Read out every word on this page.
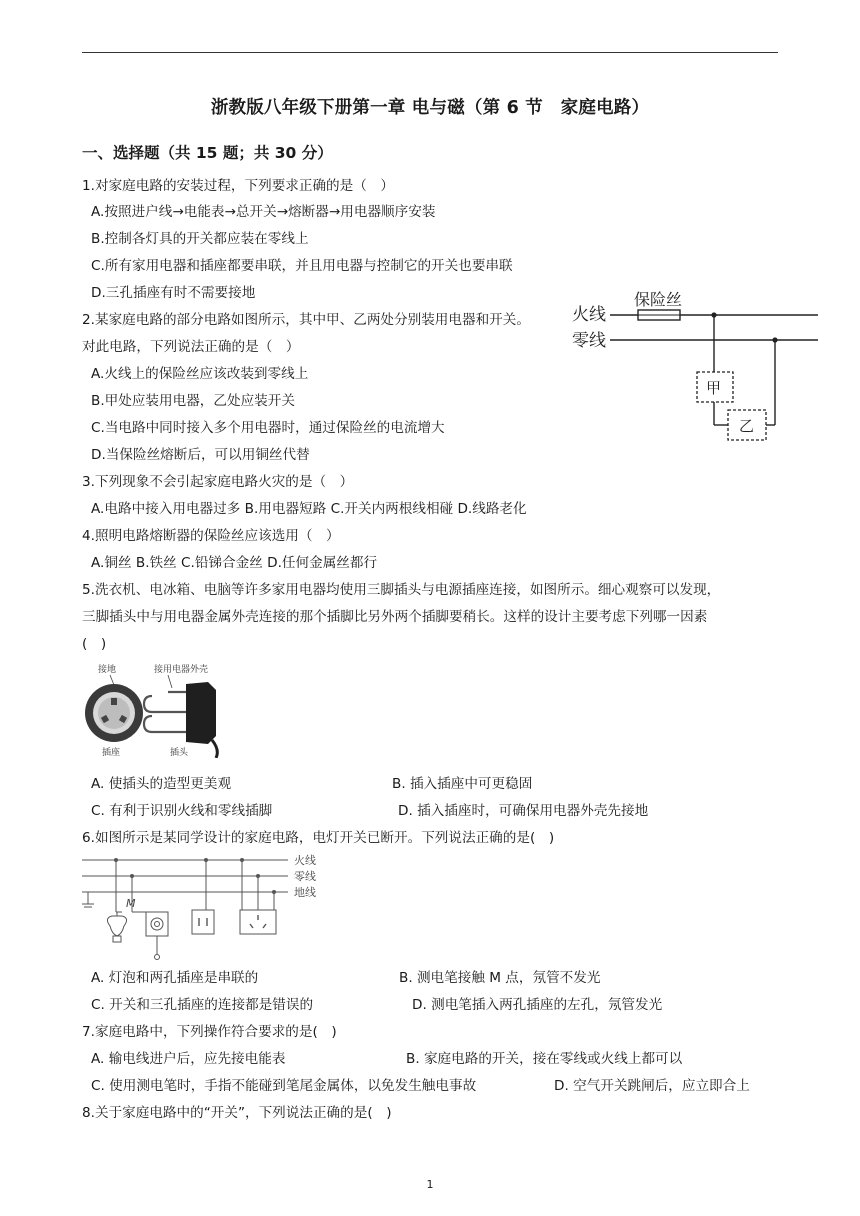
浙教版八年级下册第一章 电与磁（第 6 节　家庭电路）
一、选择题（共 15 题；共 30 分）
1.对家庭电路的安装过程，下列要求正确的是（　）
A.按照进户线→电能表→总开关→熔断器→用电器顺序安装
B.控制各灯具的开关都应装在零线上
C.所有家用电器和插座都要串联，并且用电器与控制它的开关也要串联
D.三孔插座有时不需要接地
2.某家庭电路的部分电路如图所示，其中甲、乙两处分别装用电器和开关。
对此电路，下列说法正确的是（　）
A.火线上的保险丝应该改装到零线上
B.甲处应装用电器，乙处应装开关
C.当电路中同时接入多个用电器时，通过保险丝的电流增大
D.当保险丝熔断后，可以用铜丝代替
保险丝
火线
零线
甲
乙
3.下列现象不会引起家庭电路火灾的是（　）
A.电路中接入用电器过多 B.用电器短路 C.开关内两根线相碰 D.线路老化
4.照明电路熔断器的保险丝应该选用（　）
A.铜丝 B.铁丝 C.铅锑合金丝 D.任何金属丝都行
5.洗衣机、电冰箱、电脑等许多家用电器均使用三脚插头与电源插座连接，如图所示。细心观察可以发现，
三脚插头中与用电器金属外壳连接的那个插脚比另外两个插脚要稍长。这样的设计主要考虑下列哪一因素
(　)
接地	接用电器外壳
插座	插头
A. 使插头的造型更美观	B. 插入插座中可更稳固
C. 有利于识别火线和零线插脚	D. 插入插座时，可确保用电器外壳先接地
6.如图所示是某同学设计的家庭电路，电灯开关已断开。下列说法正确的是(　)
火线
零线
地线
M
A. 灯泡和两孔插座是串联的	B. 测电笔接触 M 点，氖管不发光
C. 开关和三孔插座的连接都是错误的	D. 测电笔插入两孔插座的左孔，氖管发光
7.家庭电路中，下列操作符合要求的是(　)
A. 输电线进户后，应先接电能表	B. 家庭电路的开关，接在零线或火线上都可以
C. 使用测电笔时，手指不能碰到笔尾金属体，以免发生触电事故	D. 空气开关跳闸后，应立即合上
8.关于家庭电路中的“开关”，下列说法正确的是(　)
1
